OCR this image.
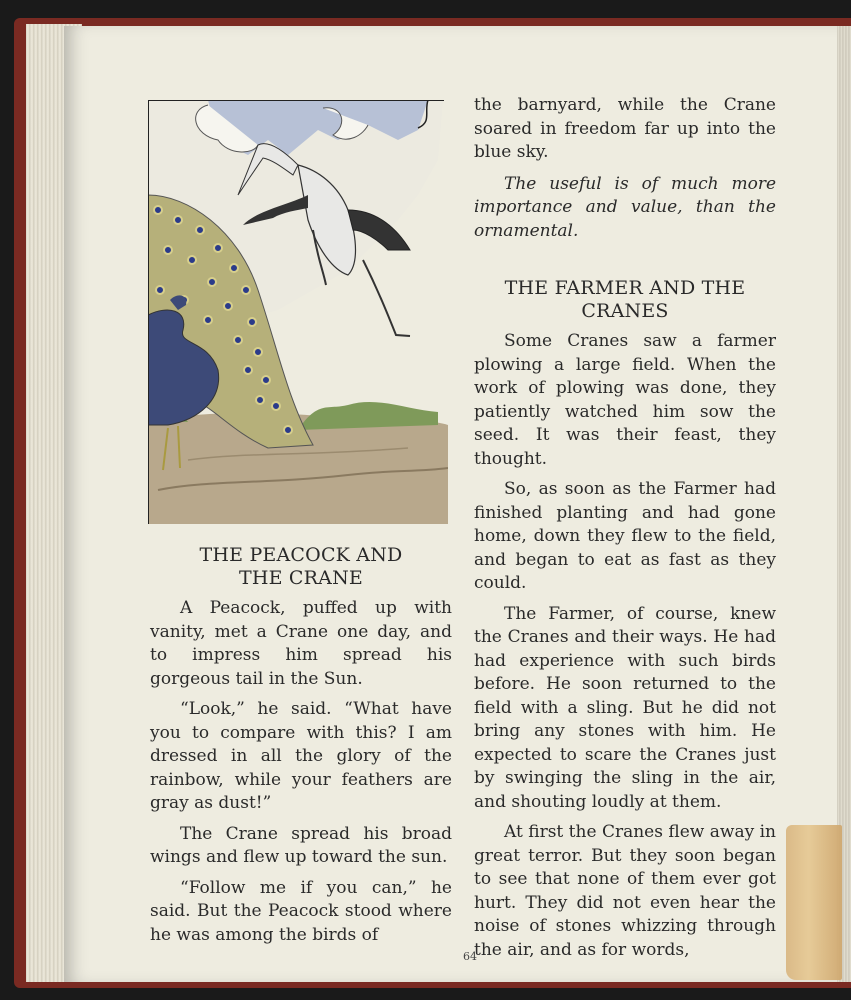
THE PEACOCK AND

THE CRANE

A Peacock, puffed up with vanity, met a Crane one day, and to impress him spread his gorgeous tail in the Sun.

“Look,” he said. “What have you to compare with this? I am dressed in all the glory of the rainbow, while your feathers are gray as dust!”

The Crane spread his broad wings and flew up toward the sun.

“Follow me if you can,” he said. But the Peacock stood where he was among the birds of

the barnyard, while the Crane soared in freedom far up into the blue sky.

The useful is of much more importance and value, than the ornamental.

THE FARMER AND THE

CRANES

Some Cranes saw a farmer plowing a large field. When the work of plowing was done, they patiently watched him sow the seed. It was their feast, they thought.

So, as soon as the Farmer had finished planting and had gone home, down they flew to the field, and began to eat as fast as they could.

The Farmer, of course, knew the Cranes and their ways. He had had experience with such birds before. He soon returned to the field with a sling. But he did not bring any stones with him. He expected to scare the Cranes just by swinging the sling in the air, and shouting loudly at them.

At first the Cranes flew away in great terror. But they soon began to see that none of them ever got hurt. They did not even hear the noise of stones whizzing through the air, and as for words,

64
